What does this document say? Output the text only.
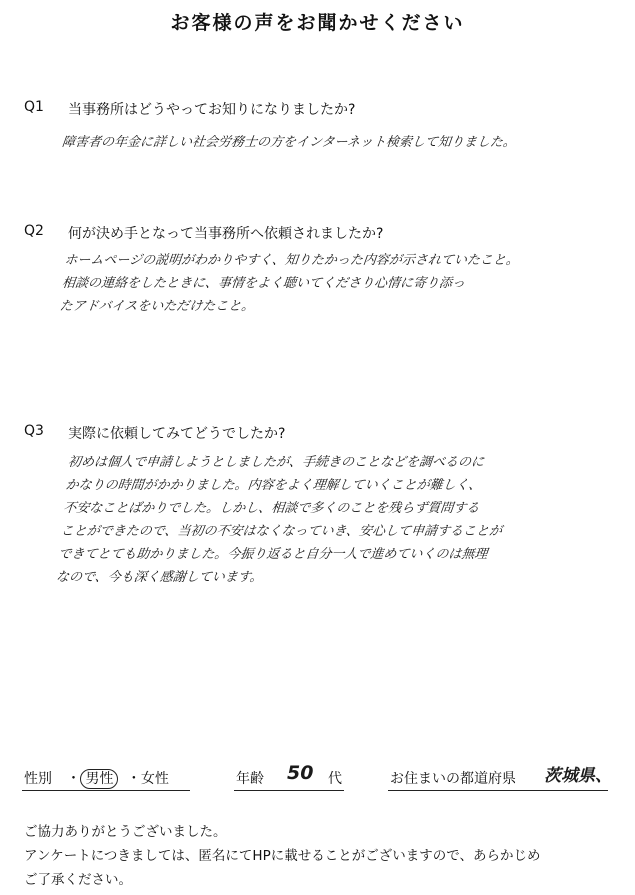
お客様の声をお聞かせください
Q1 当事務所はどうやってお知りになりましたか?
障害者の年金に詳しい社会労務士の方をインターネット検索して知りました。
Q2 何が決め手となって当事務所へ依頼されましたか?
ホームページの説明がわかりやすく、知りたかった内容が示されていたこと。
相談の連絡をしたときに、事情をよく聴いてくださり心情に寄り添っ
たアドバイスをいただけたこと。
Q3 実際に依頼してみてどうでしたか?
初めは個人で申請しようとしましたが、手続きのことなどを調べるのに
かなりの時間がかかりました。内容をよく理解していくことが難しく、
不安なことばかりでした。しかし、相談で多くのことを残らず質問する
ことができたので、当初の不安はなくなっていき、安心して申請することが
できてとても助かりました。今振り返ると自分一人で進めていくのは無理
なので、今も深く感謝しています。
性別 ・ 男性 ・女性	年齢 50 代	お住まいの都道府県 茨城県、
ご協力ありがとうございました。
アンケートにつきましては、匿名にてHPに載せることがございますので、あらかじめ
ご了承ください。
